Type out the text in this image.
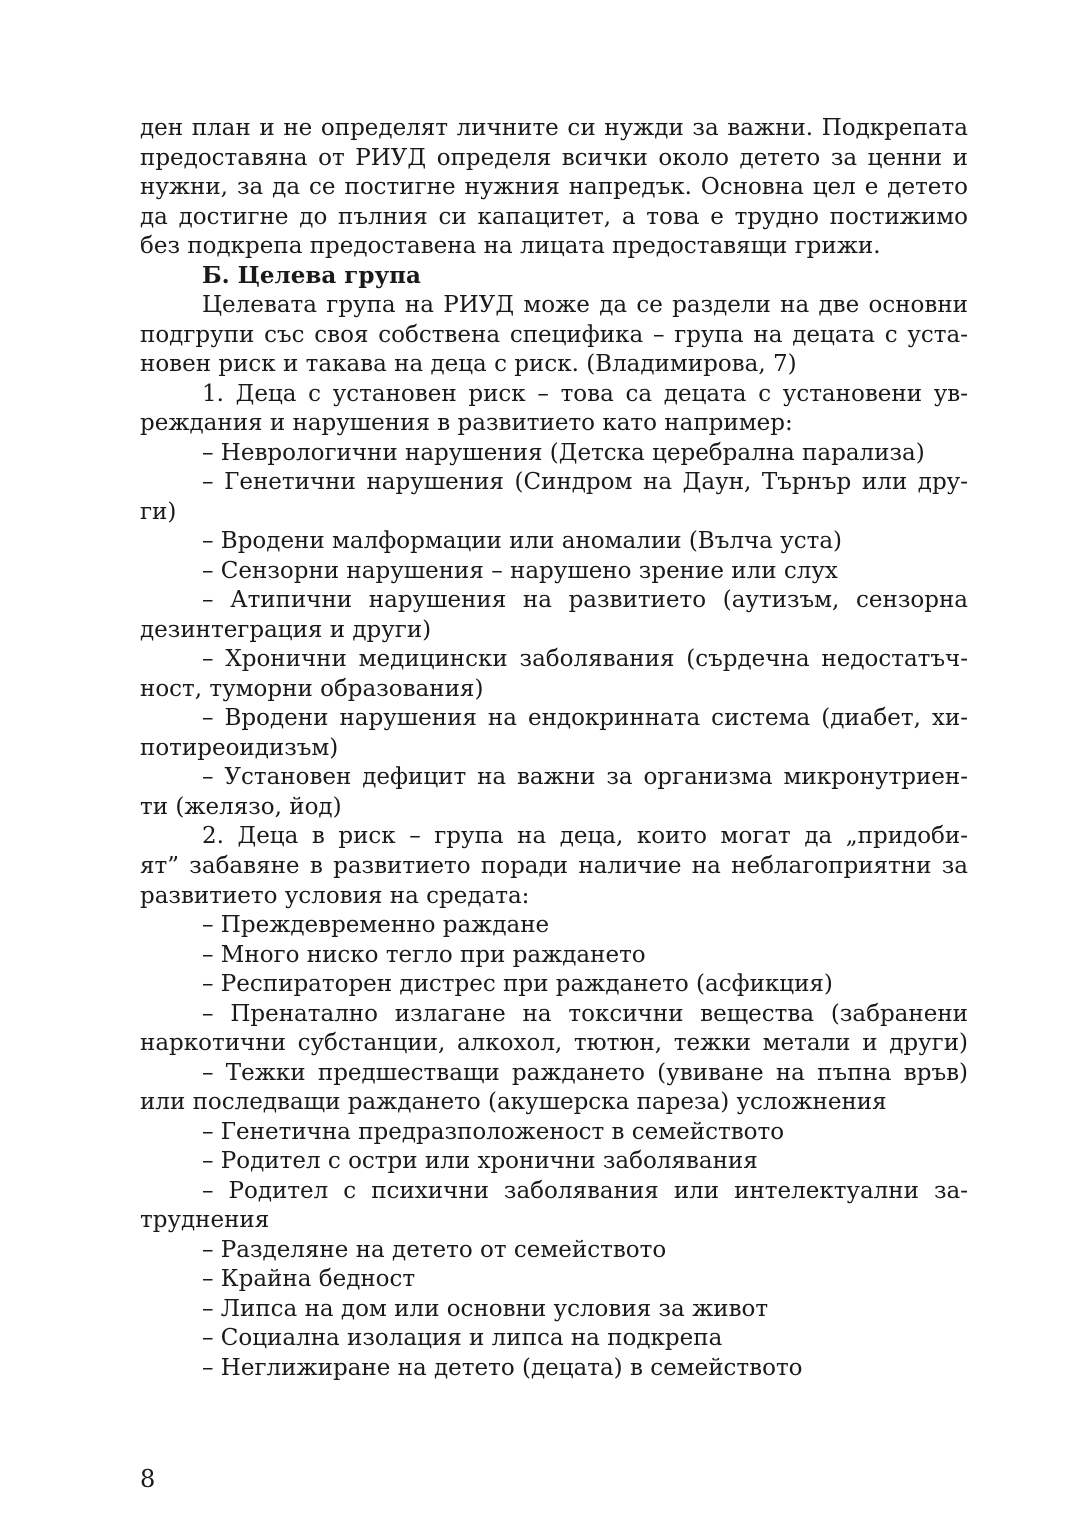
ден план и не определят личните си нужди за важни. Подкрепата

предоставяна от РИУД определя всички около детето за ценни и

нужни, за да се постигне нужния напредък. Основна цел е детето

да достигне до пълния си капацитет, а това е трудно постижимо

без подкрепа предоставена на лицата предоставящи грижи.

Б. Целева група

Целевата група на РИУД може да се раздели на две основни

подгрупи със своя собствена специфика – група на децата с уста-

новен риск и такава на деца с риск. (Владимирова, 7)

1. Деца с установен риск – това са децата с установени ув-

реждания и нарушения в развитието като например:

– Неврологични нарушения (Детска церебрална парализа)

– Генетични нарушения (Синдром на Даун, Търнър или дру-

ги)

– Вродени малформации или аномалии (Вълча уста)

– Сензорни нарушения – нарушено зрение или слух

– Атипични нарушения на развитието (аутизъм, сензорна

дезинтеграция и други)

– Хронични медицински заболявания (сърдечна недостатъч-

ност, туморни образования)

– Вродени нарушения на ендокринната система (диабет, хи-

потиреоидизъм)

– Установен дефицит на важни за организма микронутриен-

ти (желязо, йод)

2. Деца в риск – група на деца, които могат да „придоби-

ят” забавяне в развитието поради наличие на неблагоприятни за

развитието условия на средата:

– Преждевременно раждане

– Много ниско тегло при раждането

– Респираторен дистрес при раждането (асфикция)

– Пренатално излагане на токсични вещества (забранени

наркотични субстанции, алкохол, тютюн, тежки метали и други)

– Тежки предшестващи раждането (увиване на пъпна връв)

или последващи раждането (акушерска пареза) усложнения

– Генетична предразположеност в семейството

– Родител с остри или хронични заболявания

– Родител с психични заболявания или интелектуални за-

труднения

– Разделяне на детето от семейството

– Крайна бедност

– Липса на дом или основни условия за живот

– Социална изолация и липса на подкрепа

– Неглижиране на детето (децата) в семейството

8
